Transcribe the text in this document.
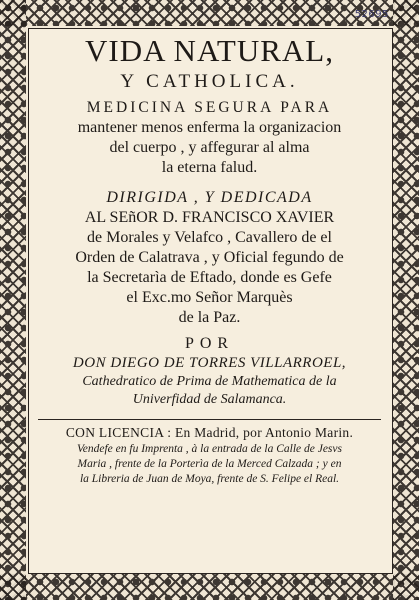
52695
VIDA NATURAL,
Y CATHOLICA.
MEDICINA SEGURA PARA
mantener menos enferma la organizacion
del cuerpo , y affegurar al alma
la eterna falud.
DIRIGIDA , Y DEDICADA
AL SEñOR D. FRANCISCO XAVIER
de Morales y Velafco , Cavallero de el
Orden de Calatrava , y Oficial fegundo de
la Secretarìa de Eftado, donde es Gefe
el Exc.mo Señor Marquès
de la Paz.
POR
DON DIEGO DE TORRES VILLARROEL,
Cathedratico de Prima de Mathematica de la
Univerfidad de Salamanca.
CON LICENCIA : En Madrid, por Antonio Marin.
Vendefe en fu Imprenta , à la entrada de la Calle de Jesvs
Maria , frente de la Porterìa de la Merced Calzada ; y en
la Libreria de Juan de Moya, frente de S. Felipe el Real.
